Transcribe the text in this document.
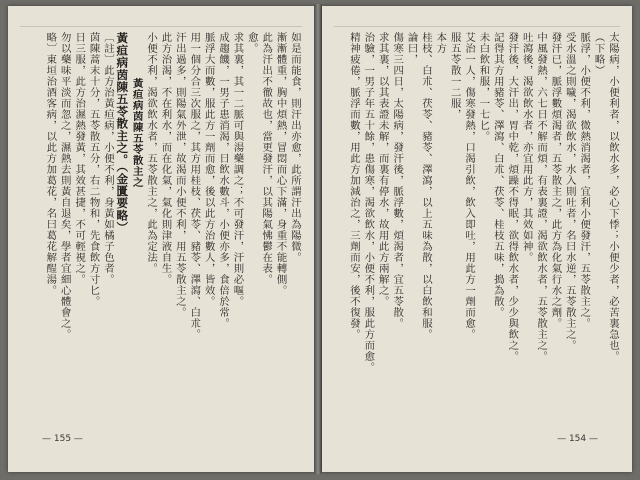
如是而能食，則汗出亦愈，此所謂汗出為陽微。
漸漸體重，胸中煩熱，冒悶而心下滿，身重不能轉側。
此為汗出不徹故也，當更發汗，以其陽氣怫鬱在表。
愈。
求其裏，其一二脈可與湯藥調之；不可發汗，汗則必嘔。
成趨饑，一男子患消渴，日飲水數斗，小便亦多，食倍於常。
脈浮大而數，服此方一劑而愈，後以此方治數人，皆效。
用一個分合三次服之，其方用桂枝、茯苓、豬苓、澤瀉、白朮。
汗出過多，則陽氣外泄，故渴而小便不利，用五苓散主之。
此方治渴，不在利水，而在化氣，氣化則津液自生。
小便不利，渴欲飲水者，五苓散主之，此為定法。
黃疸病茵陳五苓散主之
黃疸病茵陳五苓散主之。（金匱要略）
〔註〕此方治黃疸病，小便不利，身黃如橘子色者。
茵陳蒿末十分，五苓散五分，右二物和，先食飲方寸匕。
日三服，此方治濕熱發黃，其效甚捷，不可輕視之。
勿以藥味平淡而忽之，濕熱去則黃自退矣，學者宜細心體會之。
略〕東垣治酒客病，以此方加葛花，名曰葛花解酲湯。
— 155 —
太陽病，小便利者，以飲水多，必心下悸；小便少者，必苦裏急也。
（下略）
脈浮，小便不利，微熱消渴者，宜利小便發汗，五苓散主之。
受水溫之則噦，渴欲飲水，水入則吐者，名曰水逆，五苓散主之。
發汗已，脈浮數煩渴者，五苓散主之，此方為化氣行水之劑。
中風發熱，六七日不解而煩，有表裏證，渴欲飲水者，五苓散主之。
吐瀉後，渴欲飲水者，亦宜用此方，其效如神。
發汗後，大汗出，胃中乾，煩躁不得眠，欲得飲水者，少少與飲之。
記得其方用豬苓、澤瀉、白朮、茯苓、桂枝五味，搗為散。
未白飲和服，一七匕。
艾治一人，傷寒發熱，口渴引飲，飲入即吐，用此方一劑而愈。
服五苓散一二服，
本方
桂枝、白朮、茯苓、豬苓、澤瀉，以上五味為散，以白飲和服。
論曰，
傷寒三四日，太陽病，發汗後，脈浮數，煩渴者，宜五苓散。
求其裏，以其表證未解，而裏有停水，故用此方兩解之。
治驗，一男子年五十餘，患傷寒，渴欲飲水，小便不利，服此方而愈。
精神疲倦，脈浮而數，用此方加減治之，三劑而安，後不復發。
— 154 —
